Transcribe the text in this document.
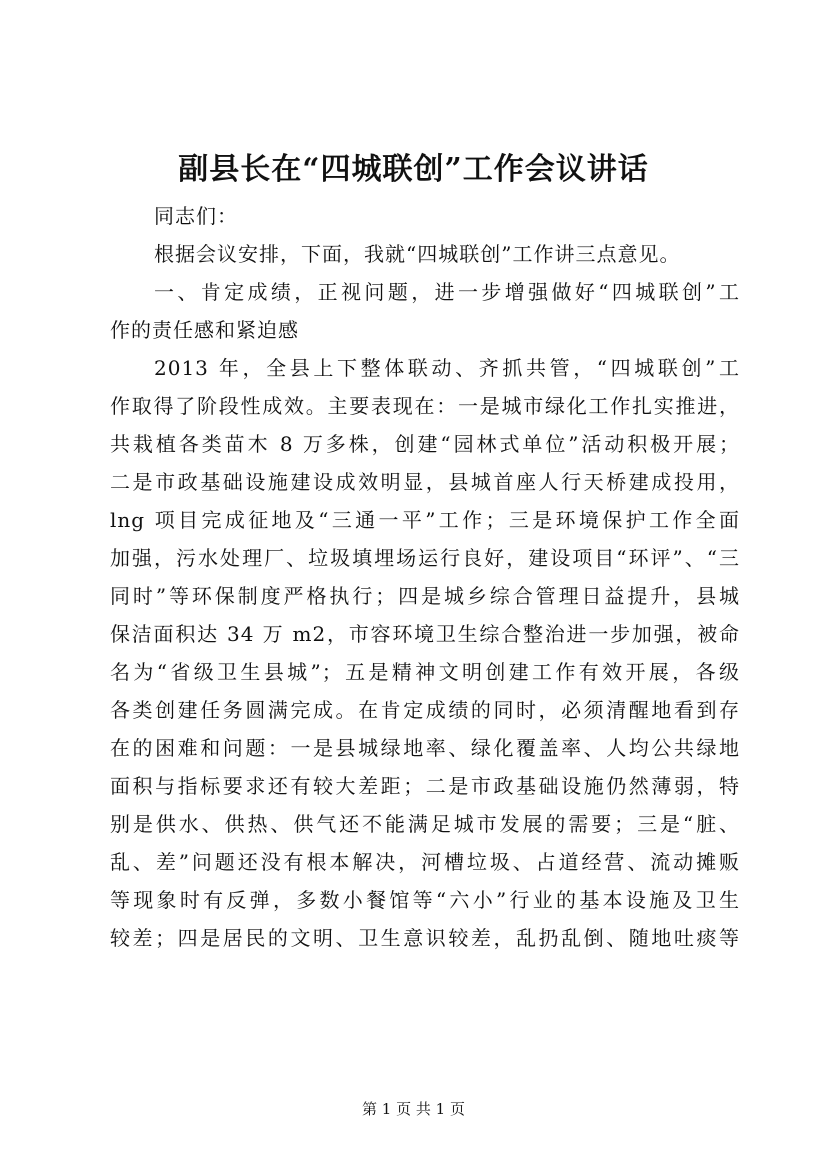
副县长在“四城联创”工作会议讲话
同志们：
根据会议安排，下面，我就“四城联创”工作讲三点意见。
一、肯定成绩，正视问题，进一步增强做好“四城联创”工
作的责任感和紧迫感
2013 年，全县上下整体联动、齐抓共管，“四城联创”工
作取得了阶段性成效。主要表现在：一是城市绿化工作扎实推进，
共栽植各类苗木 8 万多株，创建“园林式单位”活动积极开展；
二是市政基础设施建设成效明显，县城首座人行天桥建成投用，
lng 项目完成征地及“三通一平”工作；三是环境保护工作全面
加强，污水处理厂、垃圾填埋场运行良好，建设项目“环评”、“三
同时”等环保制度严格执行；四是城乡综合管理日益提升，县城
保洁面积达 34 万 m2，市容环境卫生综合整治进一步加强，被命
名为“省级卫生县城”；五是精神文明创建工作有效开展，各级
各类创建任务圆满完成。在肯定成绩的同时，必须清醒地看到存
在的困难和问题：一是县城绿地率、绿化覆盖率、人均公共绿地
面积与指标要求还有较大差距；二是市政基础设施仍然薄弱，特
别是供水、供热、供气还不能满足城市发展的需要；三是“脏、
乱、差”问题还没有根本解决，河槽垃圾、占道经营、流动摊贩
等现象时有反弹，多数小餐馆等“六小”行业的基本设施及卫生
较差；四是居民的文明、卫生意识较差，乱扔乱倒、随地吐痰等
第 1 页 共 1 页
